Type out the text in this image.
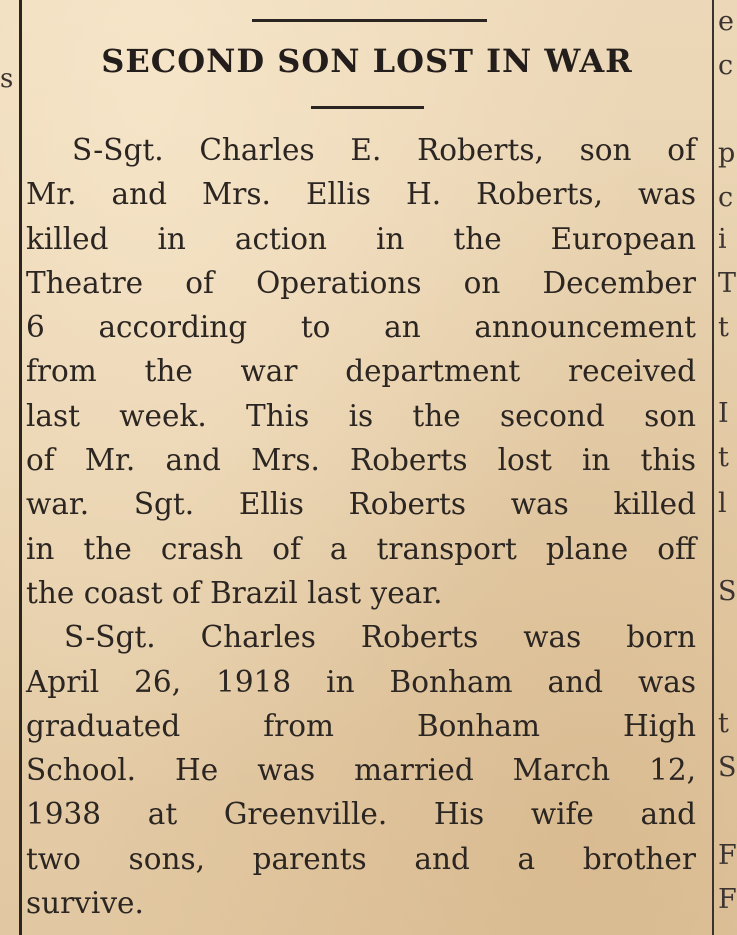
s
e
c
p
c
i
T
t
I
t
l
S
t
S
F
F
SECOND SON LOST IN WAR
S-Sgt. Charles E. Roberts, son of
Mr. and Mrs. Ellis H. Roberts, was
killed in action in the European
Theatre of Operations on December
6 according to an announcement
from the war department received
last week. This is the second son
of Mr. and Mrs. Roberts lost in this
war. Sgt. Ellis Roberts was killed
in the crash of a transport plane off
the coast of Brazil last year.
S-Sgt. Charles Roberts was born
April 26, 1918 in Bonham and was
graduated from Bonham High
School. He was married March 12,
1938 at Greenville. His wife and
two sons, parents and a brother
survive.
